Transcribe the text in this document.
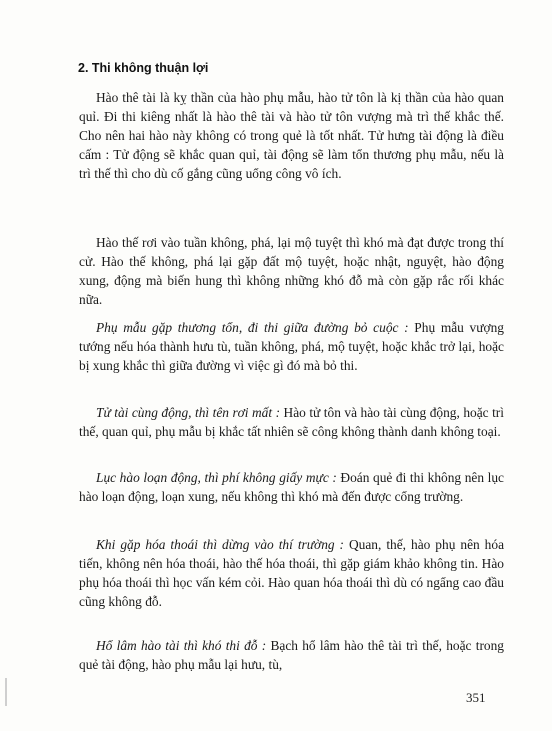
2. Thi không thuận lợi

Hào thê tài là kỵ thần của hào phụ mẫu, hào tử tôn là kị thần của hào quan quỉ. Đi thi kiêng nhất là hào thê tài và hào tử tôn vượng mà trì thế khắc thế. Cho nên hai hào này không có trong quẻ là tốt nhất. Tử hưng tài động là điều cấm : Tử động sẽ khắc quan quỉ, tài động sẽ làm tổn thương phụ mẫu, nếu là trì thế thì cho dù cố gắng cũng uổng công vô ích.

Hào thế rơi vào tuần không, phá, lại mộ tuyệt thì khó mà đạt được trong thí cử. Hào thế không, phá lại gặp đất mộ tuyệt, hoặc nhật, nguyệt, hào động xung, động mà biến hung thì không những khó đỗ mà còn gặp rắc rối khác nữa.

Phụ mẫu gặp thương tổn, đi thi giữa đường bỏ cuộc : Phụ mẫu vượng tướng nếu hóa thành hưu tù, tuần không, phá, mộ tuyệt, hoặc khắc trở lại, hoặc bị xung khắc thì giữa đường vì việc gì đó mà bỏ thi.

Tử tài cùng động, thì tên rơi mất : Hào tử tôn và hào tài cùng động, hoặc trì thế, quan quỉ, phụ mẫu bị khắc tất nhiên sẽ công không thành danh không toại.

Lục hào loạn động, thì phí không giấy mực : Đoán quẻ đi thi không nên lục hào loạn động, loạn xung, nếu không thì khó mà đến được cổng trường.

Khi gặp hóa thoái thì dừng vào thí trường : Quan, thế, hào phụ nên hóa tiến, không nên hóa thoái, hào thế hóa thoái, thì gặp giám khảo không tin. Hào phụ hóa thoái thì học vấn kém cỏi. Hào quan hóa thoái thì dù có ngẩng cao đầu cũng không đỗ.

Hổ lâm hào tài thì khó thi đỗ : Bạch hổ lâm hào thê tài trì thế, hoặc trong quẻ tài động, hào phụ mẫu lại hưu, tù,

351
